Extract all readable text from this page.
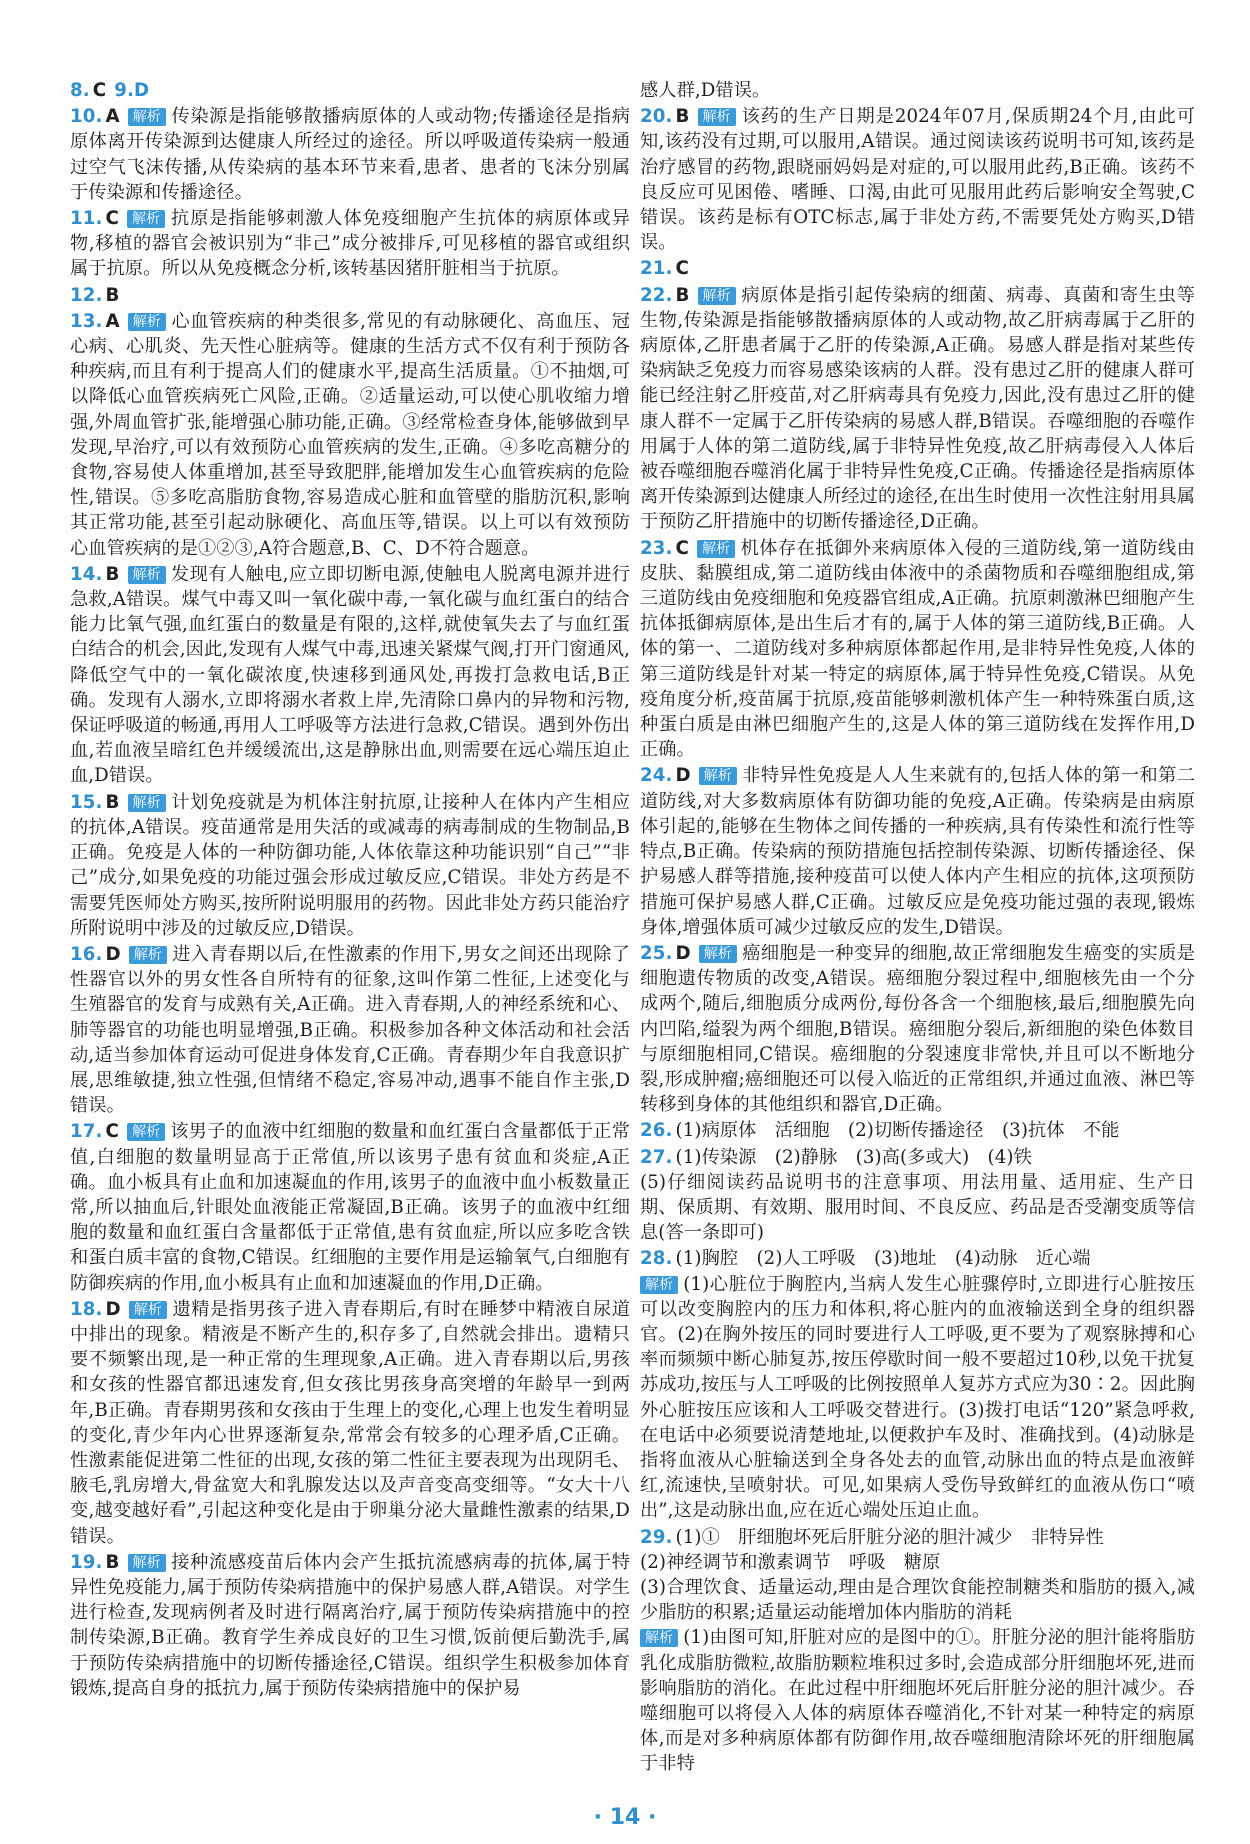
8. C 9.D
10. A 解析 传染源是指能够散播病原体的人或动物;传播途径是指病原体离开传染源到达健康人所经过的途径。所以呼吸道传染病一般通过空气飞沫传播,从传染病的基本环节来看,患者、患者的飞沫分别属于传染源和传播途径。
11. C 解析 抗原是指能够刺激人体免疫细胞产生抗体的病原体或异物,移植的器官会被识别为“非己”成分被排斥,可见移植的器官或组织属于抗原。所以从免疫概念分析,该转基因猪肝脏相当于抗原。
12. B
13. A 解析 心血管疾病的种类很多,常见的有动脉硬化、高血压、冠心病、心肌炎、先天性心脏病等。健康的生活方式不仅有利于预防各种疾病,而且有利于提高人们的健康水平,提高生活质量。①不抽烟,可以降低心血管疾病死亡风险,正确。②适量运动,可以使心肌收缩力增强,外周血管扩张,能增强心肺功能,正确。③经常检查身体,能够做到早发现,早治疗,可以有效预防心血管疾病的发生,正确。④多吃高糖分的食物,容易使人体重增加,甚至导致肥胖,能增加发生心血管疾病的危险性,错误。⑤多吃高脂肪食物,容易造成心脏和血管壁的脂肪沉积,影响其正常功能,甚至引起动脉硬化、高血压等,错误。以上可以有效预防心血管疾病的是①②③,A符合题意,B、C、D不符合题意。
14. B 解析 发现有人触电,应立即切断电源,使触电人脱离电源并进行急救,A错误。煤气中毒又叫一氧化碳中毒,一氧化碳与血红蛋白的结合能力比氧气强,血红蛋白的数量是有限的,这样,就使氧失去了与血红蛋白结合的机会,因此,发现有人煤气中毒,迅速关紧煤气阀,打开门窗通风,降低空气中的一氧化碳浓度,快速移到通风处,再拨打急救电话,B正确。发现有人溺水,立即将溺水者救上岸,先清除口鼻内的异物和污物,保证呼吸道的畅通,再用人工呼吸等方法进行急救,C错误。遇到外伤出血,若血液呈暗红色并缓缓流出,这是静脉出血,则需要在远心端压迫止血,D错误。
15. B 解析 计划免疫就是为机体注射抗原,让接种人在体内产生相应的抗体,A错误。疫苗通常是用失活的或减毒的病毒制成的生物制品,B正确。免疫是人体的一种防御功能,人体依靠这种功能识别“自己”“非己”成分,如果免疫的功能过强会形成过敏反应,C错误。非处方药是不需要凭医师处方购买,按所附说明服用的药物。因此非处方药只能治疗所附说明中涉及的过敏反应,D错误。
16. D 解析 进入青春期以后,在性激素的作用下,男女之间还出现除了性器官以外的男女性各自所特有的征象,这叫作第二性征,上述变化与生殖器官的发育与成熟有关,A正确。进入青春期,人的神经系统和心、肺等器官的功能也明显增强,B正确。积极参加各种文体活动和社会活动,适当参加体育运动可促进身体发育,C正确。青春期少年自我意识扩展,思维敏捷,独立性强,但情绪不稳定,容易冲动,遇事不能自作主张,D错误。
17. C 解析 该男子的血液中红细胞的数量和血红蛋白含量都低于正常值,白细胞的数量明显高于正常值,所以该男子患有贫血和炎症,A正确。血小板具有止血和加速凝血的作用,该男子的血液中血小板数量正常,所以抽血后,针眼处血液能正常凝固,B正确。该男子的血液中红细胞的数量和血红蛋白含量都低于正常值,患有贫血症,所以应多吃含铁和蛋白质丰富的食物,C错误。红细胞的主要作用是运输氧气,白细胞有防御疾病的作用,血小板具有止血和加速凝血的作用,D正确。
18. D 解析 遗精是指男孩子进入青春期后,有时在睡梦中精液自尿道中排出的现象。精液是不断产生的,积存多了,自然就会排出。遗精只要不频繁出现,是一种正常的生理现象,A正确。进入青春期以后,男孩和女孩的性器官都迅速发育,但女孩比男孩身高突增的年龄早一到两年,B正确。青春期男孩和女孩由于生理上的变化,心理上也发生着明显的变化,青少年内心世界逐渐复杂,常常会有较多的心理矛盾,C正确。性激素能促进第二性征的出现,女孩的第二性征主要表现为出现阴毛、腋毛,乳房增大,骨盆宽大和乳腺发达以及声音变高变细等。“女大十八变,越变越好看”,引起这种变化是由于卵巢分泌大量雌性激素的结果,D错误。
19. B 解析 接种流感疫苗后体内会产生抵抗流感病毒的抗体,属于特异性免疫能力,属于预防传染病措施中的保护易感人群,A错误。对学生进行检查,发现病例者及时进行隔离治疗,属于预防传染病措施中的控制传染源,B正确。教育学生养成良好的卫生习惯,饭前便后勤洗手,属于预防传染病措施中的切断传播途径,C错误。组织学生积极参加体育锻炼,提高自身的抵抗力,属于预防传染病措施中的保护易
感人群,D错误。
20. B 解析 该药的生产日期是2024年07月,保质期24个月,由此可知,该药没有过期,可以服用,A错误。通过阅读该药说明书可知,该药是治疗感冒的药物,跟晓丽妈妈是对症的,可以服用此药,B正确。该药不良反应可见困倦、嗜睡、口渴,由此可见服用此药后影响安全驾驶,C错误。该药是标有OTC标志,属于非处方药,不需要凭处方购买,D错误。
21. C
22. B 解析 病原体是指引起传染病的细菌、病毒、真菌和寄生虫等生物,传染源是指能够散播病原体的人或动物,故乙肝病毒属于乙肝的病原体,乙肝患者属于乙肝的传染源,A正确。易感人群是指对某些传染病缺乏免疫力而容易感染该病的人群。没有患过乙肝的健康人群可能已经注射乙肝疫苗,对乙肝病毒具有免疫力,因此,没有患过乙肝的健康人群不一定属于乙肝传染病的易感人群,B错误。吞噬细胞的吞噬作用属于人体的第二道防线,属于非特异性免疫,故乙肝病毒侵入人体后被吞噬细胞吞噬消化属于非特异性免疫,C正确。传播途径是指病原体离开传染源到达健康人所经过的途径,在出生时使用一次性注射用具属于预防乙肝措施中的切断传播途径,D正确。
23. C 解析 机体存在抵御外来病原体入侵的三道防线,第一道防线由皮肤、黏膜组成,第二道防线由体液中的杀菌物质和吞噬细胞组成,第三道防线由免疫细胞和免疫器官组成,A正确。抗原刺激淋巴细胞产生抗体抵御病原体,是出生后才有的,属于人体的第三道防线,B正确。人体的第一、二道防线对多种病原体都起作用,是非特异性免疫,人体的第三道防线是针对某一特定的病原体,属于特异性免疫,C错误。从免疫角度分析,疫苗属于抗原,疫苗能够刺激机体产生一种特殊蛋白质,这种蛋白质是由淋巴细胞产生的,这是人体的第三道防线在发挥作用,D正确。
24. D 解析 非特异性免疫是人人生来就有的,包括人体的第一和第二道防线,对大多数病原体有防御功能的免疫,A正确。传染病是由病原体引起的,能够在生物体之间传播的一种疾病,具有传染性和流行性等特点,B正确。传染病的预防措施包括控制传染源、切断传播途径、保护易感人群等措施,接种疫苗可以使人体内产生相应的抗体,这项预防措施可保护易感人群,C正确。过敏反应是免疫功能过强的表现,锻炼身体,增强体质可减少过敏反应的发生,D错误。
25. D 解析 癌细胞是一种变异的细胞,故正常细胞发生癌变的实质是细胞遗传物质的改变,A错误。癌细胞分裂过程中,细胞核先由一个分成两个,随后,细胞质分成两份,每份各含一个细胞核,最后,细胞膜先向内凹陷,缢裂为两个细胞,B错误。癌细胞分裂后,新细胞的染色体数目与原细胞相同,C错误。癌细胞的分裂速度非常快,并且可以不断地分裂,形成肿瘤;癌细胞还可以侵入临近的正常组织,并通过血液、淋巴等转移到身体的其他组织和器官,D正确。
26. (1)病原体　活细胞　(2)切断传播途径　(3)抗体　不能
27. (1)传染源　(2)静脉　(3)高(多或大)　(4)铁
(5)仔细阅读药品说明书的注意事项、用法用量、适用症、生产日期、保质期、有效期、服用时间、不良反应、药品是否受潮变质等信息(答一条即可)
28. (1)胸腔　(2)人工呼吸　(3)地址　(4)动脉　近心端
解析 (1)心脏位于胸腔内,当病人发生心脏骤停时,立即进行心脏按压可以改变胸腔内的压力和体积,将心脏内的血液输送到全身的组织器官。(2)在胸外按压的同时要进行人工呼吸,更不要为了观察脉搏和心率而频频中断心肺复苏,按压停歇时间一般不要超过10秒,以免干扰复苏成功,按压与人工呼吸的比例按照单人复苏方式应为30∶2。因此胸外心脏按压应该和人工呼吸交替进行。(3)拨打电话“120”紧急呼救,在电话中必须要说清楚地址,以便救护车及时、准确找到。(4)动脉是指将血液从心脏输送到全身各处去的血管,动脉出血的特点是血液鲜红,流速快,呈喷射状。可见,如果病人受伤导致鲜红的血液从伤口“喷出”,这是动脉出血,应在近心端处压迫止血。
29. (1)①　肝细胞坏死后肝脏分泌的胆汁减少　非特异性
(2)神经调节和激素调节　呼吸　糖原
(3)合理饮食、适量运动,理由是合理饮食能控制糖类和脂肪的摄入,减少脂肪的积累;适量运动能增加体内脂肪的消耗
解析 (1)由图可知,肝脏对应的是图中的①。肝脏分泌的胆汁能将脂肪乳化成脂肪微粒,故脂肪颗粒堆积过多时,会造成部分肝细胞坏死,进而影响脂肪的消化。在此过程中肝细胞坏死后肝脏分泌的胆汁减少。吞噬细胞可以将侵入人体的病原体吞噬消化,不针对某一种特定的病原体,而是对多种病原体都有防御作用,故吞噬细胞清除坏死的肝细胞属于非特
· 14 ·
